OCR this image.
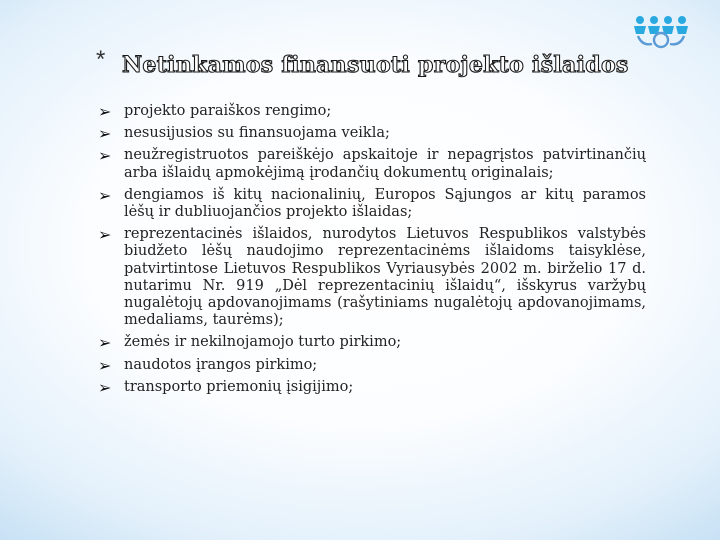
* Netinkamos finansuoti projekto išlaidos
➢ projekto paraiškos rengimo;
➢ nesusijusios su finansuojama veikla;
➢ neužregistruotos pareiškėjo apskaitoje ir nepagrįstos patvirtinančių arba išlaidų apmokėjimą įrodančių dokumentų originalais;
➢ dengiamos iš kitų nacionalinių, Europos Sąjungos ar kitų paramos lėšų ir dubliuojančios projekto išlaidas;
➢ reprezentacinės išlaidos, nurodytos Lietuvos Respublikos valstybės biudžeto lėšų naudojimo reprezentacinėms išlaidoms taisyklėse, patvirtintose Lietuvos Respublikos Vyriausybės 2002 m. birželio 17 d. nutarimu Nr. 919 „Dėl reprezentacinių išlaidų“, išskyrus varžybų nugalėtojų apdovanojimams (rašytiniams nugalėtojų apdovanojimams, medaliams, taurėms);
➢ žemės ir nekilnojamojo turto pirkimo;
➢ naudotos įrangos pirkimo;
➢ transporto priemonių įsigijimo;
